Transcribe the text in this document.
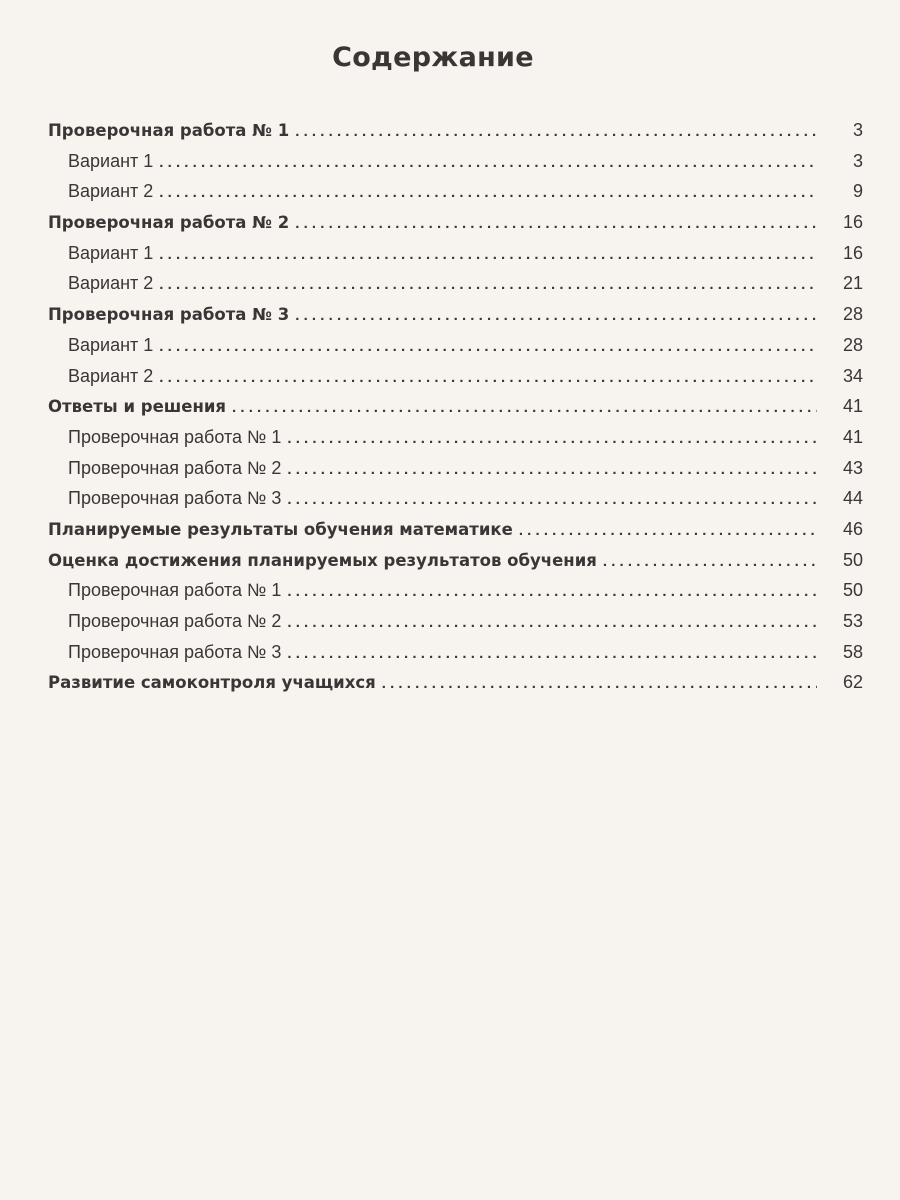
Содержание
Проверочная работа № 1 . . .	3
Вариант 1 . . .	3
Вариант 2 . . .	9
Проверочная работа № 2 . . .	16
Вариант 1 . . .	16
Вариант 2 . . .	21
Проверочная работа № 3 . . .	28
Вариант 1 . . .	28
Вариант 2 . . .	34
Ответы и решения . . .	41
Проверочная работа № 1 . . .	41
Проверочная работа № 2 . . .	43
Проверочная работа № 3 . . .	44
Планируемые результаты обучения математике . . .	46
Оценка достижения планируемых результатов обучения . . .	50
Проверочная работа № 1 . . .	50
Проверочная работа № 2 . . .	53
Проверочная работа № 3 . . .	58
Развитие самоконтроля учащихся . . .	62
